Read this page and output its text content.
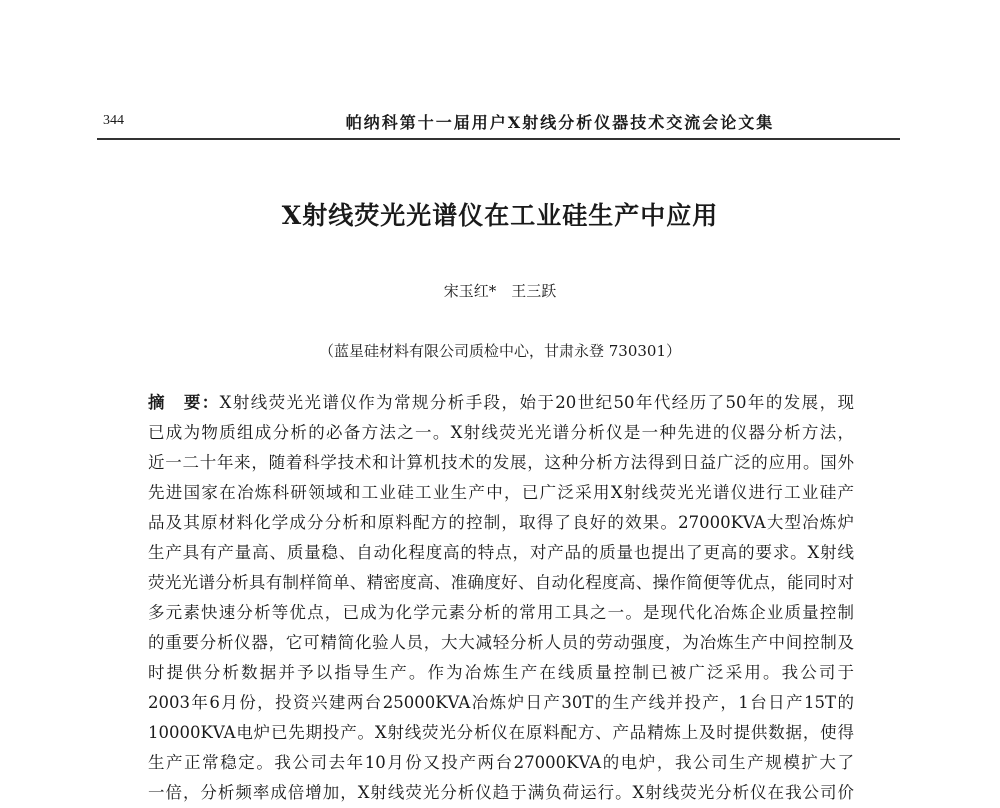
344	帕纳科第十一届用户X射线分析仪器技术交流会论文集
X射线荧光光谱仪在工业硅生产中应用
宋玉红*　王三跃
（蓝星硅材料有限公司质检中心，甘肃永登 730301）
摘　要：X射线荧光光谱仪作为常规分析手段，始于20世纪50年代经历了50年的发展，现
已成为物质组成分析的必备方法之一。X射线荧光光谱分析仪是一种先进的仪器分析方法，
近一二十年来，随着科学技术和计算机技术的发展，这种分析方法得到日益广泛的应用。国外
先进国家在冶炼科研领域和工业硅工业生产中，已广泛采用X射线荧光光谱仪进行工业硅产
品及其原材料化学成分分析和原料配方的控制，取得了良好的效果。27000KVA大型冶炼炉
生产具有产量高、质量稳、自动化程度高的特点，对产品的质量也提出了更高的要求。X射线
荧光光谱分析具有制样简单、精密度高、准确度好、自动化程度高、操作简便等优点，能同时对
多元素快速分析等优点，已成为化学元素分析的常用工具之一。是现代化冶炼企业质量控制
的重要分析仪器，它可精简化验人员，大大减轻分析人员的劳动强度，为冶炼生产中间控制及
时提供分析数据并予以指导生产。作为冶炼生产在线质量控制已被广泛采用。我公司于
2003年6月份，投资兴建两台25000KVA冶炼炉日产30T的生产线并投产，1台日产15T的
10000KVA电炉已先期投产。X射线荧光分析仪在原料配方、产品精炼上及时提供数据，使得
生产正常稳定。我公司去年10月份又投产两台27000KVA的电炉，我公司生产规模扩大了
一倍，分析频率成倍增加，X射线荧光分析仪趋于满负荷运行。X射线荧光分析仪在我公司价
